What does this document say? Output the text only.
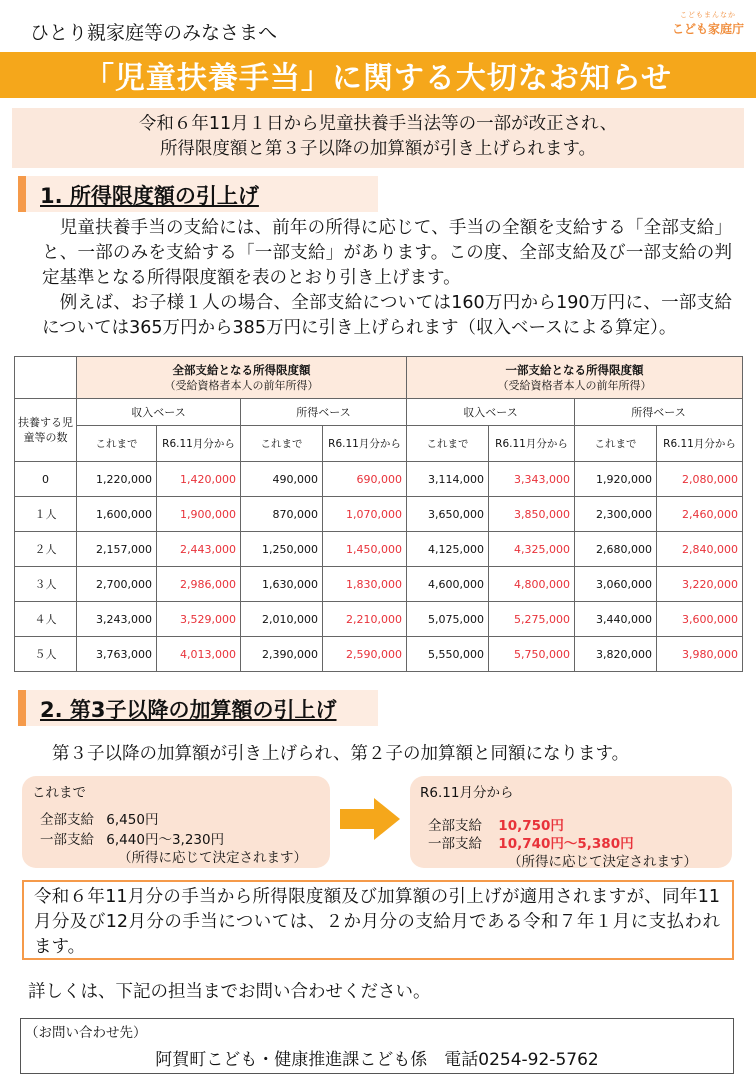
ひとり親家庭等のみなさまへ
こどもまんなか
こども家庭庁
「児童扶養手当」に関する大切なお知らせ
令和６年11月１日から児童扶養手当法等の一部が改正され、
所得限度額と第３子以降の加算額が引き上げられます。
1. 所得限度額の引上げ
　児童扶養手当の支給には、前年の所得に応じて、手当の全額を支給する「全部支給」と、一部のみを支給する「一部支給」があります。この度、全部支給及び一部支給の判定基準となる所得限度額を表のとおり引き上げます。
　例えば、お子様１人の場合、全部支給については160万円から190万円に、一部支給については365万円から385万円に引き上げられます（収入ベースによる算定）。

	全部支給となる所得限度額
（受給資格者本人の前年所得）				一部支給となる所得限度額
（受給資格者本人の前年所得）			
扶養する児童等の数	収入ベース		所得ベース		収入ベース		所得ベース	
	これまで	R6.11月分から	これまで	R6.11月分から	これまで	R6.11月分から	これまで	R6.11月分から
0	1,220,000	1,420,000	490,000	690,000	3,114,000	3,343,000	1,920,000	2,080,000
１人	1,600,000	1,900,000	870,000	1,070,000	3,650,000	3,850,000	2,300,000	2,460,000
２人	2,157,000	2,443,000	1,250,000	1,450,000	4,125,000	4,325,000	2,680,000	2,840,000
３人	2,700,000	2,986,000	1,630,000	1,830,000	4,600,000	4,800,000	3,060,000	3,220,000
４人	3,243,000	3,529,000	2,010,000	2,210,000	5,075,000	5,275,000	3,440,000	3,600,000
５人	3,763,000	4,013,000	2,390,000	2,590,000	5,550,000	5,750,000	3,820,000	3,980,000
2. 第3子以降の加算額の引上げ
第３子以降の加算額が引き上げられ、第２子の加算額と同額になります。
これまで
全部支給 6,450円
一部支給 6,440円～3,230円
（所得に応じて決定されます）
R6.11月分から
全部支給 10,750円
一部支給 10,740円～5,380円
（所得に応じて決定されます）
令和６年11月分の手当から所得限度額及び加算額の引上げが適用されますが、同年11月分及び12月分の手当については、２か月分の支給月である令和７年１月に支払われます。
詳しくは、下記の担当までお問い合わせください。
（お問い合わせ先）
阿賀町こども・健康推進課こども係　電話0254-92-5762
